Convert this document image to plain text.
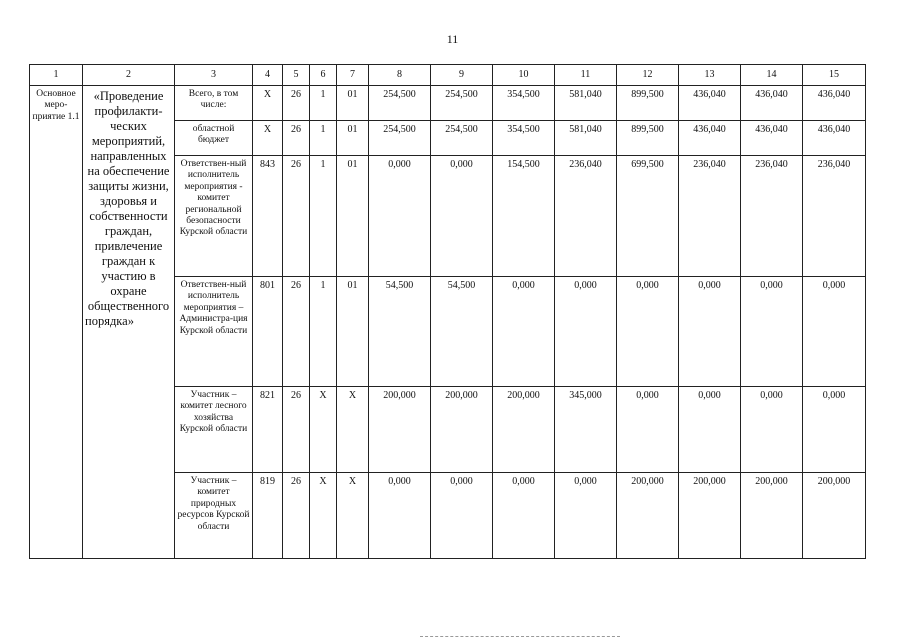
11
1	2	3	4	5	6	7	8	9	10	11	12	13	14	15
Основное меро-приятие 1.1	«Проведение профилакти-ческих мероприятий, направленных на обеспечение защиты жизни, здоровья и собственности граждан, привлечение граждан к участию в охране общественного порядка»	Всего, в том числе:	X	26	1	01	254,500	254,500	354,500	581,040	899,500	436,040	436,040	436,040
		областной бюджет	X	26	1	01	254,500	254,500	354,500	581,040	899,500	436,040	436,040	436,040
		Ответствен-ный исполнитель мероприятия - комитет региональной безопасности Курской области	843	26	1	01	0,000	0,000	154,500	236,040	699,500	236,040	236,040	236,040
		Ответствен-ный исполнитель мероприятия – Администра-ция Курской области	801	26	1	01	54,500	54,500	0,000	0,000	0,000	0,000	0,000	0,000
		Участник – комитет лесного хозяйства Курской области	821	26	X	X	200,000	200,000	200,000	345,000	0,000	0,000	0,000	0,000
		Участник – комитет природных ресурсов Курской области	819	26	X	X	0,000	0,000	0,000	0,000	200,000	200,000	200,000	200,000
